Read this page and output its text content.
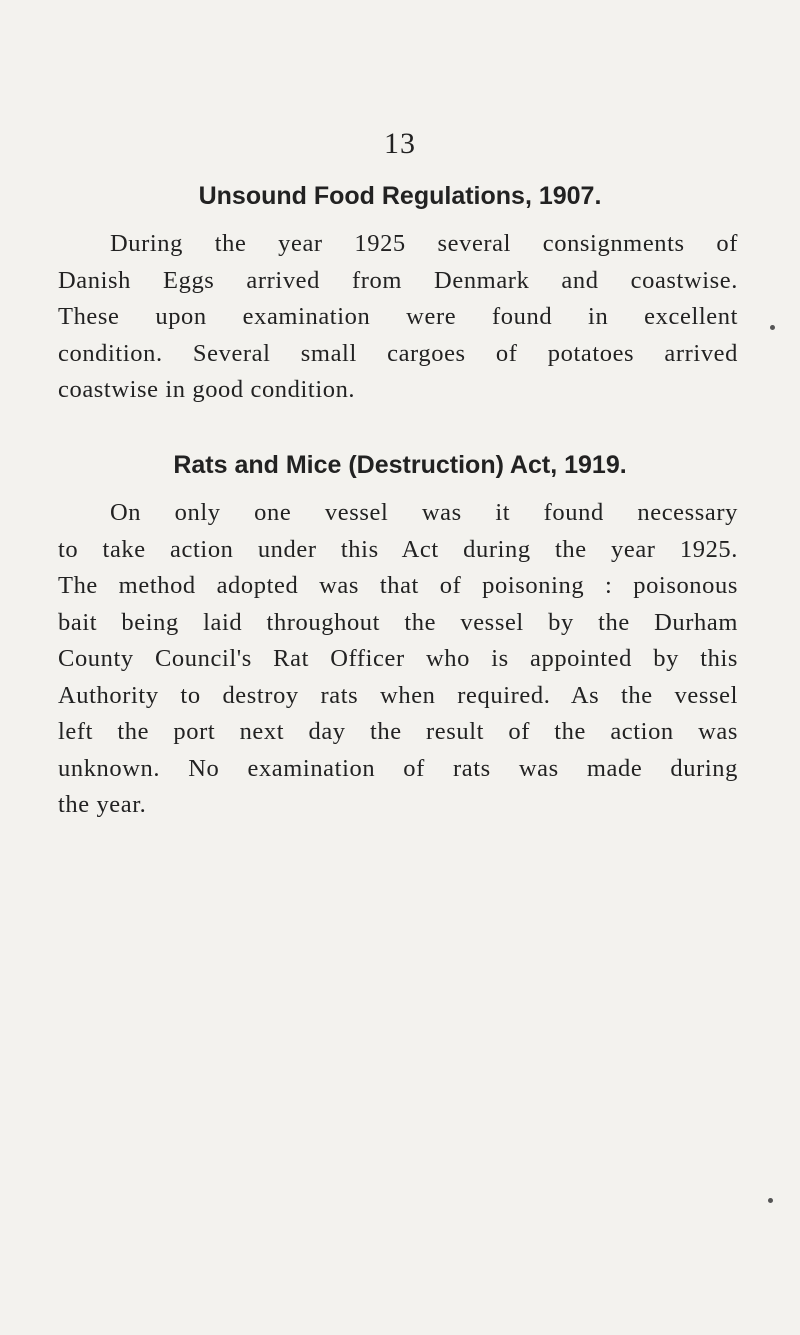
13
Unsound Food Regulations, 1907.
During the year 1925 several consignments of
Danish Eggs arrived from Denmark and coastwise.
These upon examination were found in excellent
condition. Several small cargoes of potatoes arrived
coastwise in good condition.
Rats and Mice (Destruction) Act, 1919.
On only one vessel was it found necessary
to take action under this Act during the year 1925.
The method adopted was that of poisoning : poisonous
bait being laid throughout the vessel by the Durham
County Council's Rat Officer who is appointed by this
Authority to destroy rats when required. As the vessel
left the port next day the result of the action was
unknown. No examination of rats was made during
the year.
